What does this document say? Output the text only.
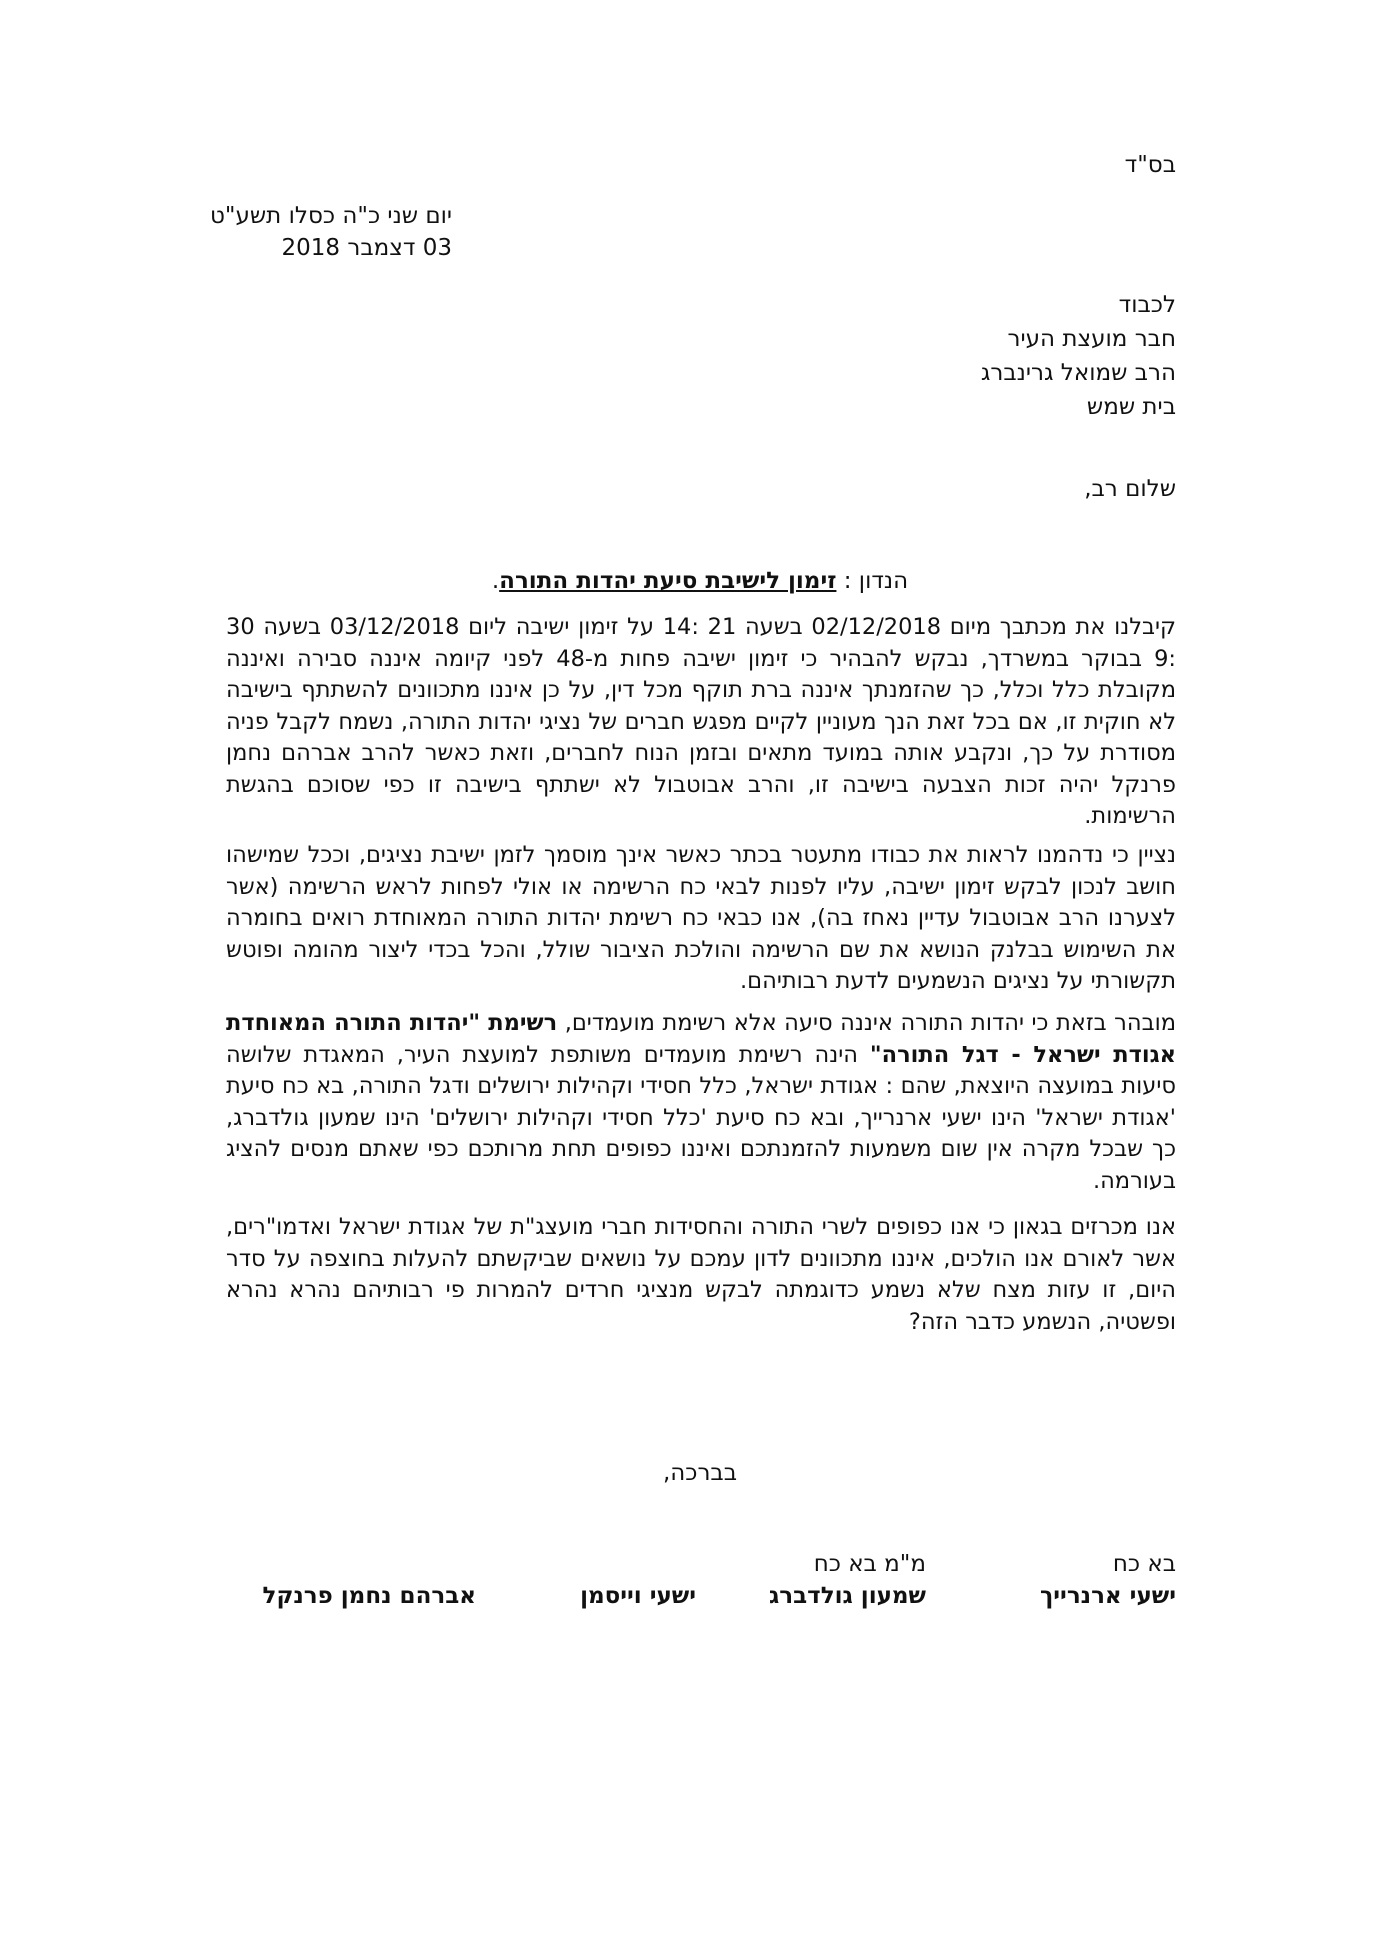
בס"ד
יום שני כ"ה כסלו תשע"ט
03 דצמבר 2018
לכבוד
חבר מועצת העיר
הרב שמואל גרינברג
בית שמש
שלום רב,
הנדון : זימון לישיבת סיעת יהדות התורה.

קיבלנו את מכתבך מיום 02/12/2018 בשעה 21 :14 על זימון ישיבה ליום 03/12/2018 בשעה 30 :9 בבוקר במשרדך, נבקש להבהיר כי זימון ישיבה פחות מ-48 לפני קיומה איננה סבירה ואיננה מקובלת כלל וכלל, כך שהזמנתך איננה ברת תוקף מכל דין, על כן איננו מתכוונים להשתתף בישיבה לא חוקית זו, אם בכל זאת הנך מעוניין לקיים מפגש חברים של נציגי יהדות התורה, נשמח לקבל פניה מסודרת על כך, ונקבע אותה במועד מתאים ובזמן הנוח לחברים, וזאת כאשר להרב אברהם נחמן פרנקל יהיה זכות הצבעה בישיבה זו, והרב אבוטבול לא ישתתף בישיבה זו כפי שסוכם בהגשת הרשימות.

נציין כי נדהמנו לראות את כבודו מתעטר בכתר כאשר אינך מוסמך לזמן ישיבת נציגים, וככל שמישהו חושב לנכון לבקש זימון ישיבה, עליו לפנות לבאי כח הרשימה או אולי לפחות לראש הרשימה (אשר לצערנו הרב אבוטבול עדיין נאחז בה), אנו כבאי כח רשימת יהדות התורה המאוחדת רואים בחומרה את השימוש בבלנק הנושא את שם הרשימה והולכת הציבור שולל, והכל בכדי ליצור מהומה ופוטש תקשורתי על נציגים הנשמעים לדעת רבותיהם.

מובהר בזאת כי יהדות התורה איננה סיעה אלא רשימת מועמדים, רשימת "יהדות התורה המאוחדת אגודת ישראל - דגל התורה" הינה רשימת מועמדים משותפת למועצת העיר, המאגדת שלושה סיעות במועצה היוצאת, שהם : אגודת ישראל, כלל חסידי וקהילות ירושלים ודגל התורה, בא כח סיעת 'אגודת ישראל' הינו ישעי ארנרייך, ובא כח סיעת 'כלל חסידי וקהילות ירושלים' הינו שמעון גולדברג, כך שבכל מקרה אין שום משמעות להזמנתכם ואיננו כפופים תחת מרותכם כפי שאתם מנסים להציג בעורמה.

אנו מכרזים בגאון כי אנו כפופים לשרי התורה והחסידות חברי מועצג"ת של אגודת ישראל ואדמו"רים, אשר לאורם אנו הולכים, איננו מתכוונים לדון עמכם על נושאים שביקשתם להעלות בחוצפה על סדר היום, זו עזות מצח שלא נשמע כדוגמתה לבקש מנציגי חרדים להמרות פי רבותיהם נהרא נהרא ופשטיה, הנשמע כדבר הזה?

בברכה,
בא כח
ישעי ארנרייך
מ"מ בא כח
שמעון גולדברג
ישעי וייסמן
אברהם נחמן פרנקל
